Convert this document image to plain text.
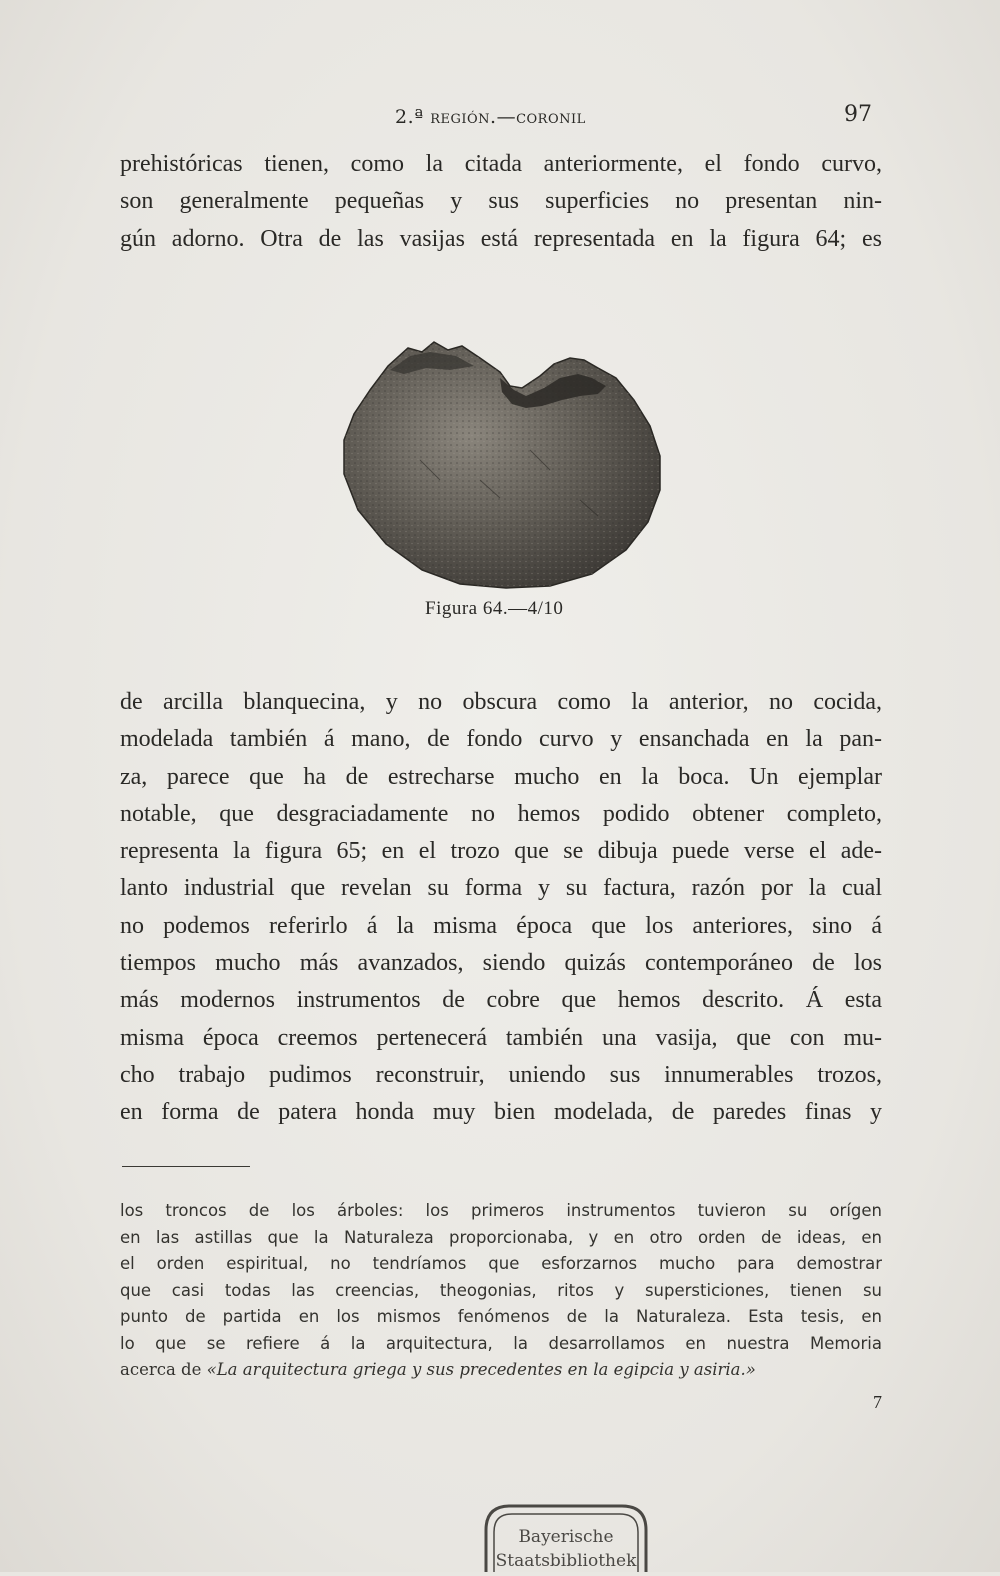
2.ª región.—coronil	97
prehistóricas tienen, como la citada anteriormente, el fondo curvo,
son generalmente pequeñas y sus superficies no presentan nin-
gún adorno. Otra de las vasijas está representada en la figura 64; es
Figura 64.—4/10
de arcilla blanquecina, y no obscura como la anterior, no cocida,
modelada también á mano, de fondo curvo y ensanchada en la pan-
za, parece que ha de estrecharse mucho en la boca. Un ejemplar
notable, que desgraciadamente no hemos podido obtener completo,
representa la figura 65; en el trozo que se dibuja puede verse el ade-
lanto industrial que revelan su forma y su factura, razón por la cual
no podemos referirlo á la misma época que los anteriores, sino á
tiempos mucho más avanzados, siendo quizás contemporáneo de los
más modernos instrumentos de cobre que hemos descrito. Á esta
misma época creemos pertenecerá también una vasija, que con mu-
cho trabajo pudimos reconstruir, uniendo sus innumerables trozos,
en forma de patera honda muy bien modelada, de paredes finas y
los troncos de los árboles: los primeros instrumentos tuvieron su orígen
en las astillas que la Naturaleza proporcionaba, y en otro orden de ideas, en
el orden espiritual, no tendríamos que esforzarnos mucho para demostrar
que casi todas las creencias, theogonias, ritos y supersticiones, tienen su
punto de partida en los mismos fenómenos de la Naturaleza. Esta tesis, en
lo que se refiere á la arquitectura, la desarrollamos en nuestra Memoria
acerca de «La arquitectura griega y sus precedentes en la egipcia y asiria.»
7
Bayerische
Staatsbibliothek
